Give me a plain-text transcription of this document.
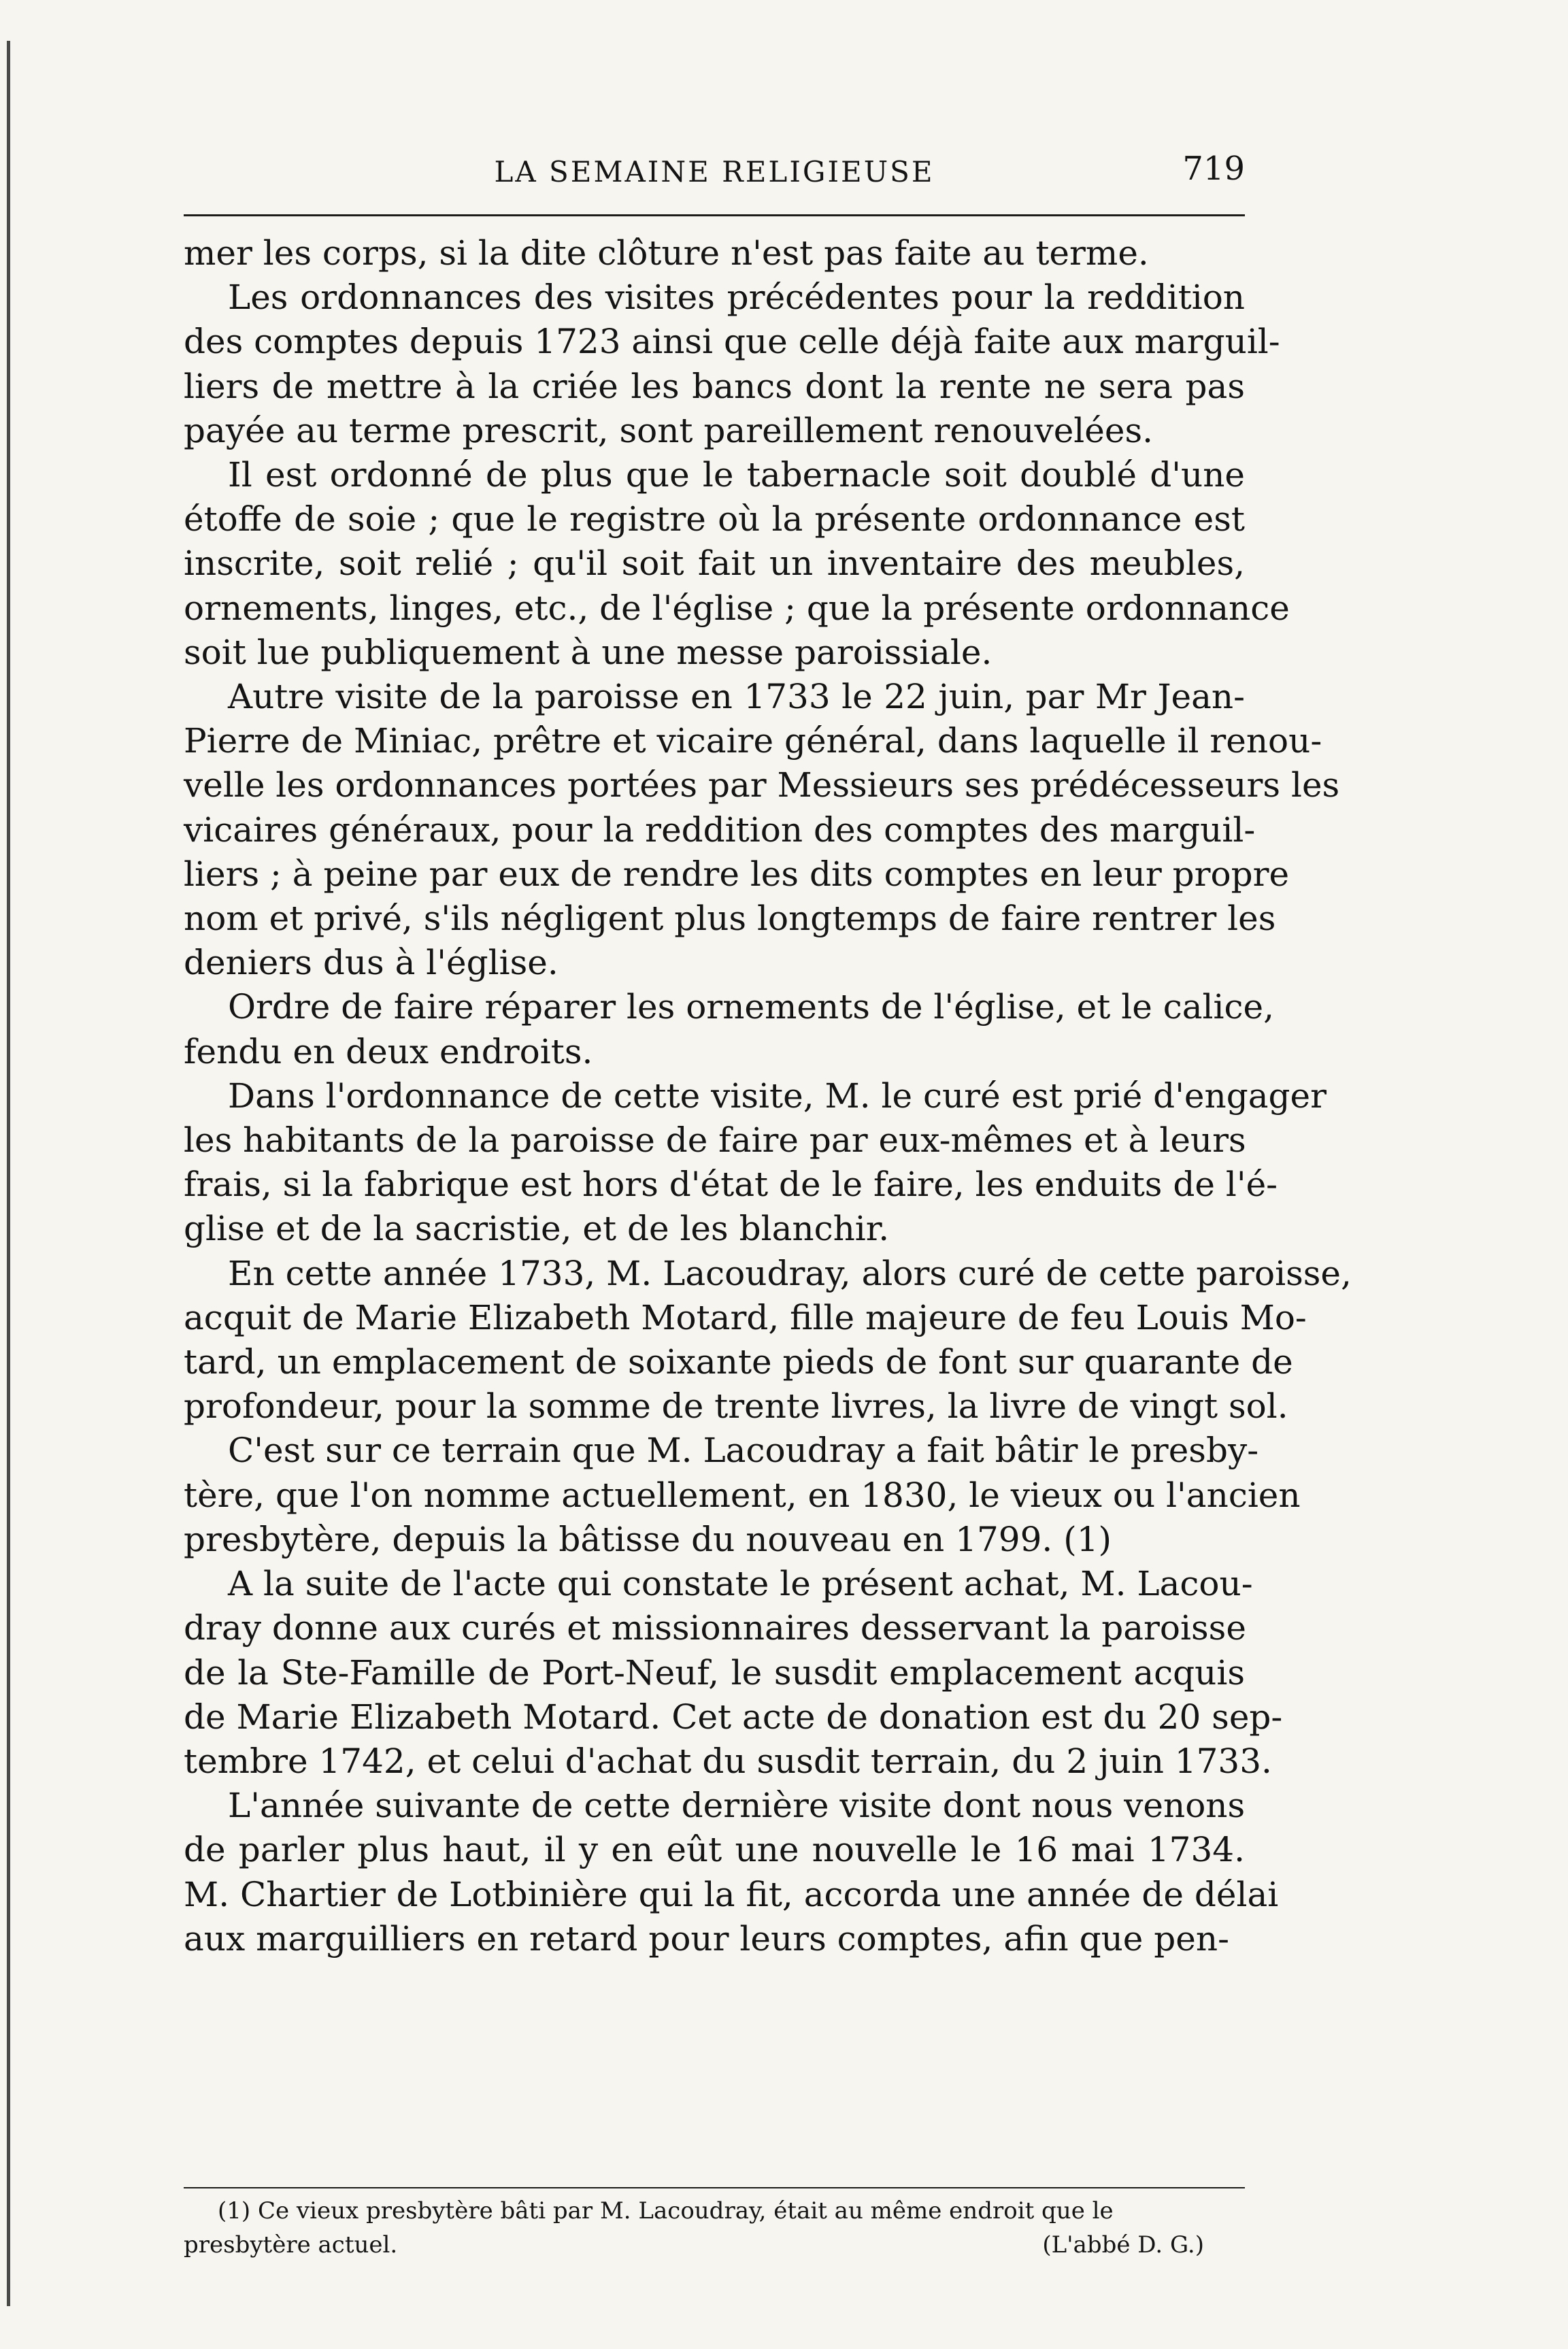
LA SEMAINE RELIGIEUSE	719

mer les corps, si la dite clôture n'est pas faite au terme.

Les ordonnances des visites précédentes pour la reddition
des comptes depuis 1723 ainsi que celle déjà faite aux marguil-
liers de mettre à la criée les bancs dont la rente ne sera pas
payée au terme prescrit, sont pareillement renouvelées.

Il est ordonné de plus que le tabernacle soit doublé d'une
étoffe de soie ; que le registre où la présente ordonnance est
inscrite, soit relié ; qu'il soit fait un inventaire des meubles,
ornements, linges, etc., de l'église ; que la présente ordonnance
soit lue publiquement à une messe paroissiale.

Autre visite de la paroisse en 1733 le 22 juin, par Mr Jean-
Pierre de Miniac, prêtre et vicaire général, dans laquelle il renou-
velle les ordonnances portées par Messieurs ses prédécesseurs les
vicaires généraux, pour la reddition des comptes des marguil-
liers ; à peine par eux de rendre les dits comptes en leur propre
nom et privé, s'ils négligent plus longtemps de faire rentrer les
deniers dus à l'église.

Ordre de faire réparer les ornements de l'église, et le calice,
fendu en deux endroits.

Dans l'ordonnance de cette visite, M. le curé est prié d'engager
les habitants de la paroisse de faire par eux-mêmes et à leurs
frais, si la fabrique est hors d'état de le faire, les enduits de l'é-
glise et de la sacristie, et de les blanchir.

En cette année 1733, M. Lacoudray, alors curé de cette paroisse,
acquit de Marie Elizabeth Motard, fille majeure de feu Louis Mo-
tard, un emplacement de soixante pieds de font sur quarante de
profondeur, pour la somme de trente livres, la livre de vingt sol.

C'est sur ce terrain que M. Lacoudray a fait bâtir le presby-
tère, que l'on nomme actuellement, en 1830, le vieux ou l'ancien
presbytère, depuis la bâtisse du nouveau en 1799. (1)

A la suite de l'acte qui constate le présent achat, M. Lacou-
dray donne aux curés et missionnaires desservant la paroisse
de la Ste-Famille de Port-Neuf, le susdit emplacement acquis
de Marie Elizabeth Motard. Cet acte de donation est du 20 sep-
tembre 1742, et celui d'achat du susdit terrain, du 2 juin 1733.

L'année suivante de cette dernière visite dont nous venons
de parler plus haut, il y en eût une nouvelle le 16 mai 1734.
M. Chartier de Lotbinière qui la fit, accorda une année de délai
aux marguilliers en retard pour leurs comptes, afin que pen-

(1) Ce vieux presbytère bâti par M. Lacoudray, était au même endroit que le
presbytère actuel.	(L'abbé D. G.)
